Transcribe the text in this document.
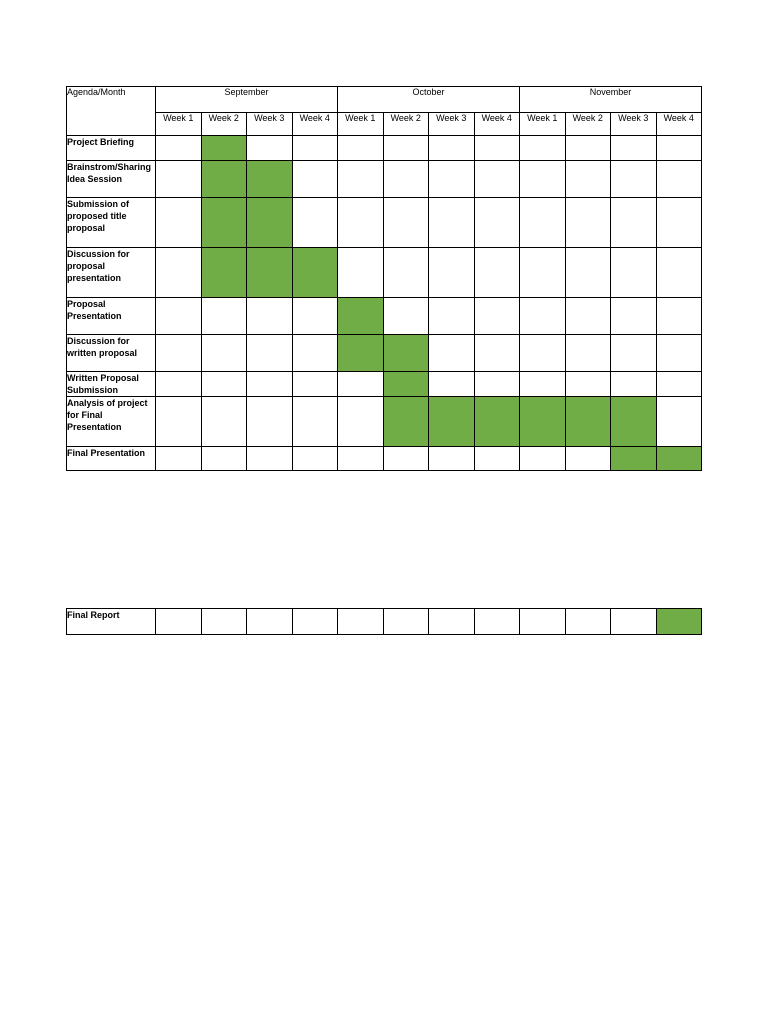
Agenda/Month	September				October				November			
	Week 1	Week 2	Week 3	Week 4	Week 1	Week 2	Week 3	Week 4	Week 1	Week 2	Week 3	Week 4
Project Briefing												
Brainstrom/Sharing Idea Session												
Submission of proposed title proposal												
Discussion for proposal presentation												
Proposal Presentation												
Discussion for written proposal												
Written Proposal Submission												
Analysis of project for Final Presentation												
Final Presentation												
Final Report												
